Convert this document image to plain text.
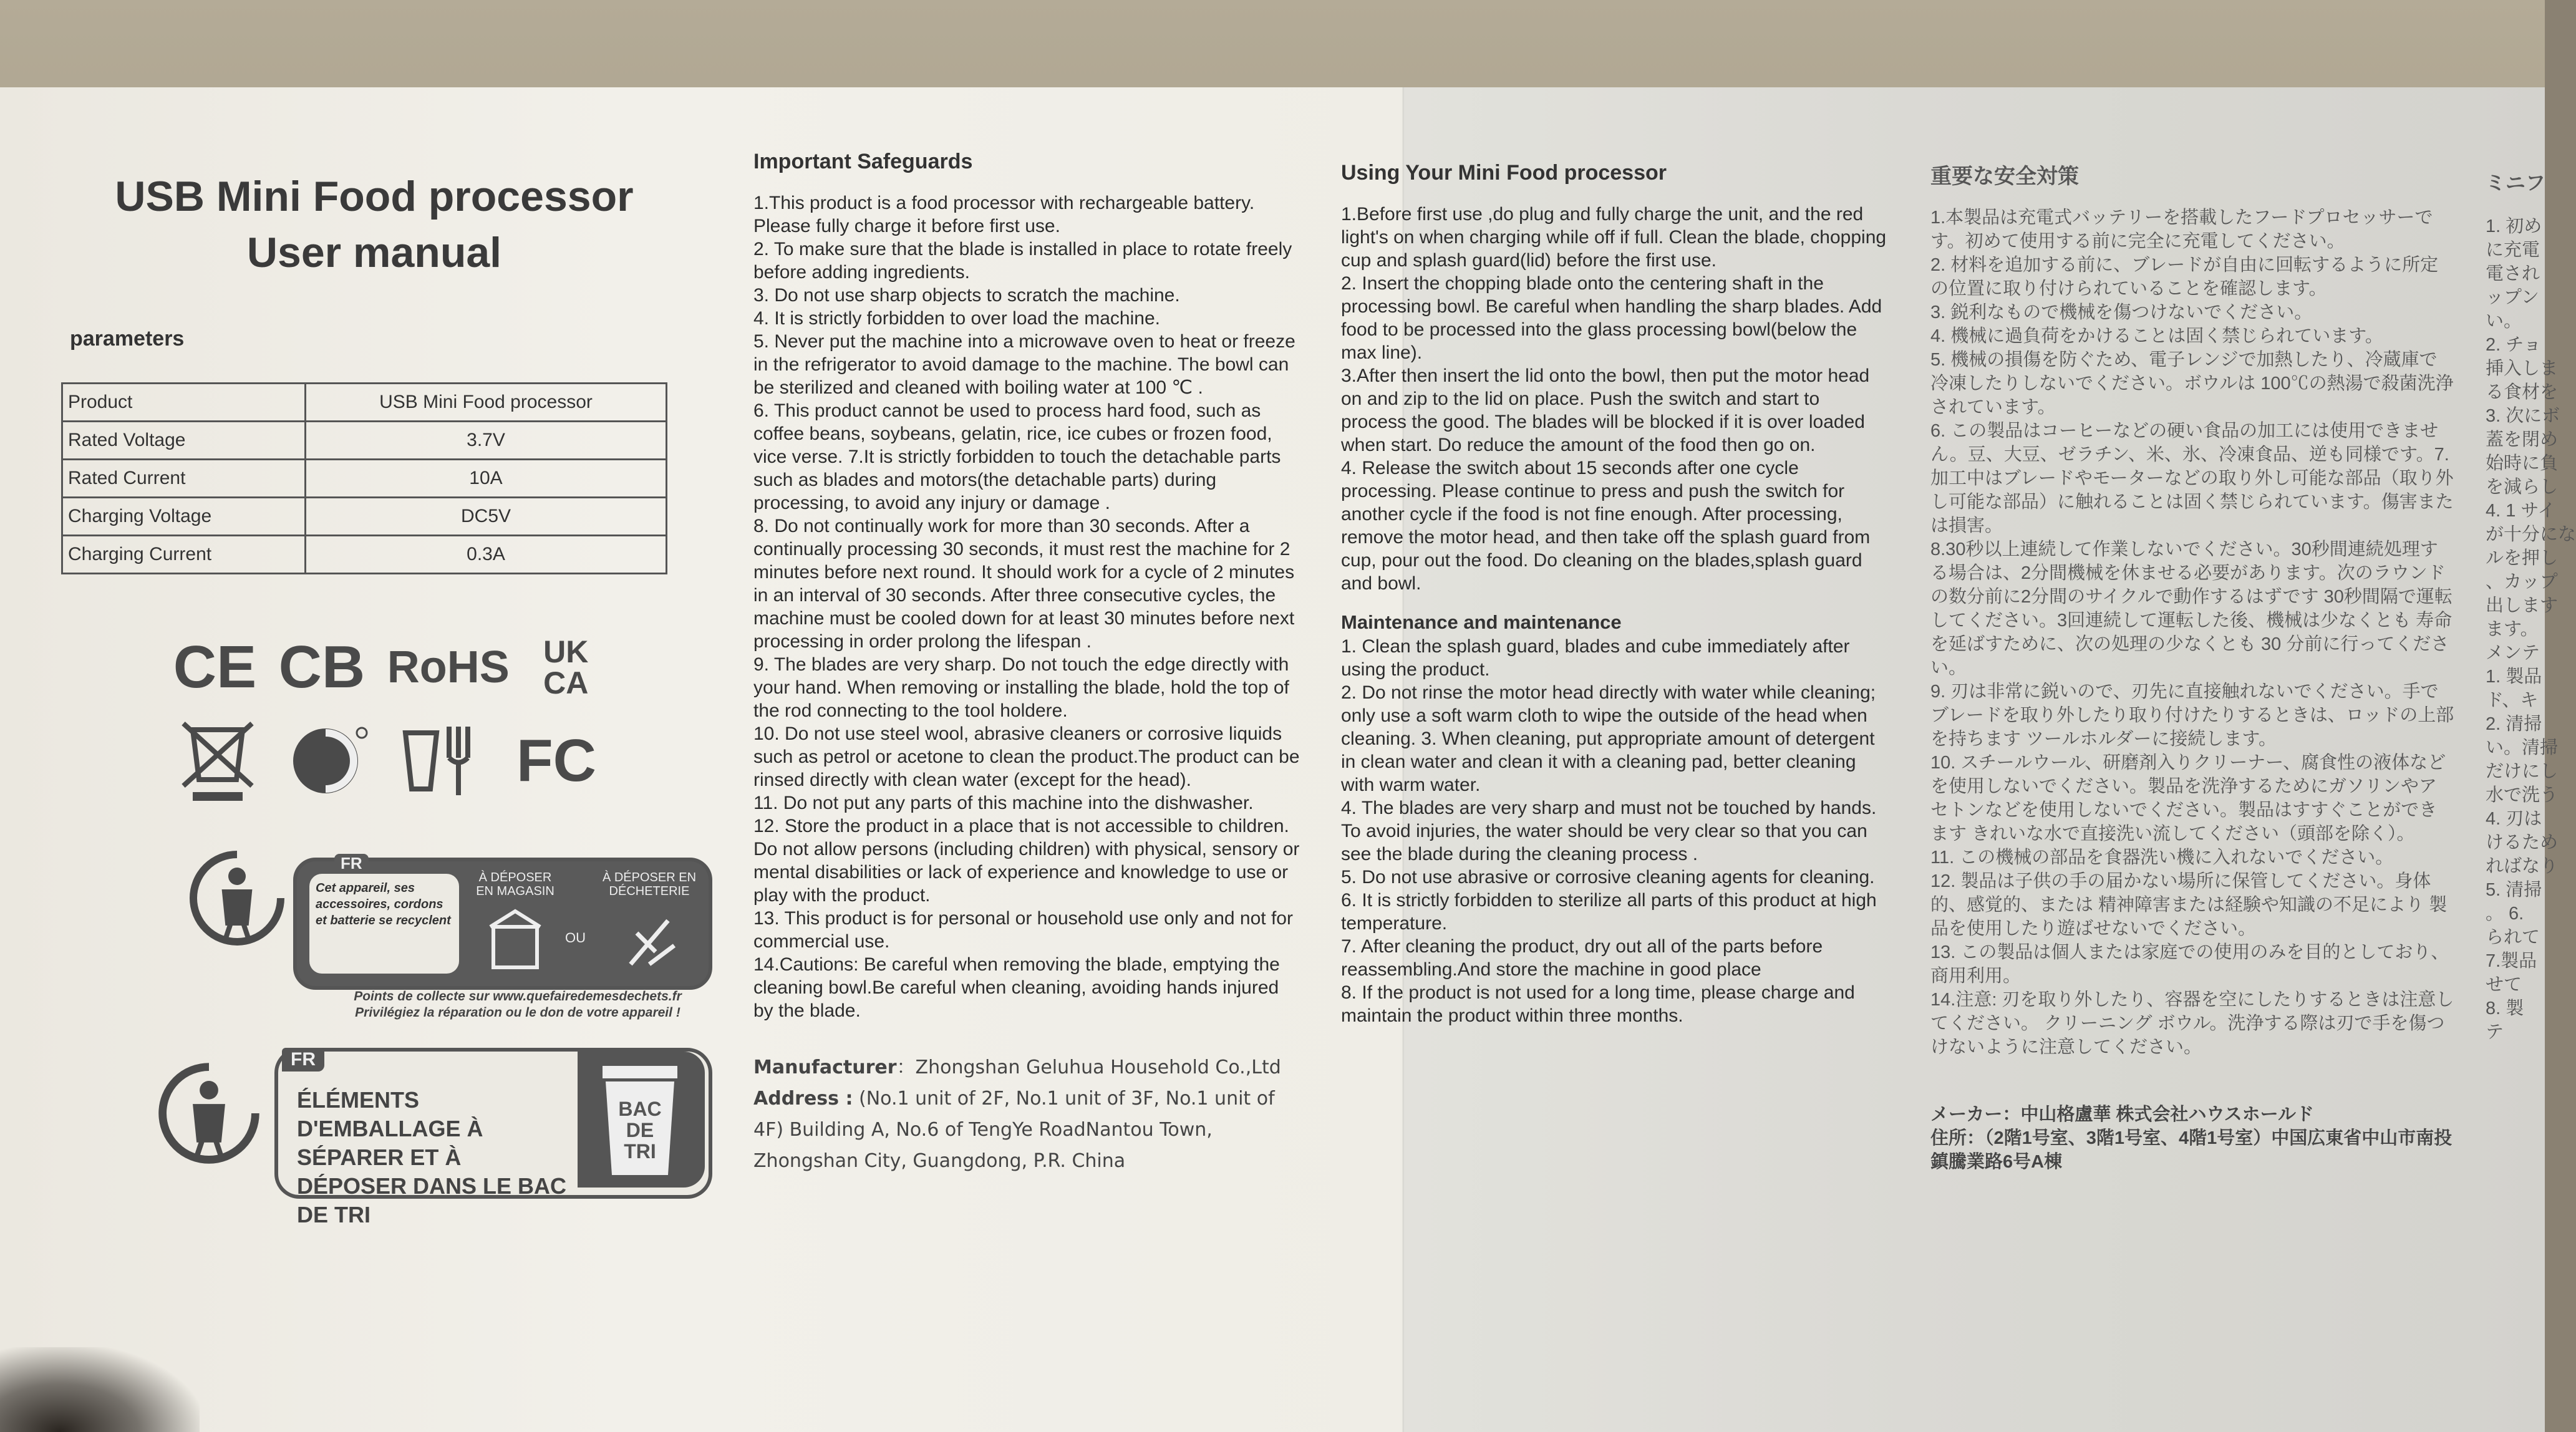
USB Mini Food processor
User manual
parameters
Product	USB Mini Food processor
Rated Voltage	3.7V
Rated Current	10A
Charging Voltage	DC5V
Charging Current	0.3A
CE CB RoHS	UK CA
FC
FR
Cet appareil, ses accessoires, cordons et batterie se recyclent
À DÉPOSER EN MAGASIN
OU
À DÉPOSER EN DÉCHETERIE
Points de collecte sur www.quefairedemesdechets.fr Privilégiez la réparation ou le don de votre appareil !
FR
ÉLÉMENTS D'EMBALLAGE À SÉPARER ET À DÉPOSER DANS LE BAC DE TRI
BAC DE TRI
Important Safeguards

1.This product is a food processor with rechargeable battery. Please fully charge it before first use.

2. To make sure that the blade is installed in place to rotate freely before adding ingredients.

3. Do not use sharp objects to scratch the machine.

4. It is strictly forbidden to over load the machine.

5. Never put the machine into a microwave oven to heat or freeze in the refrigerator to avoid damage to the machine. The bowl can be sterilized and cleaned with boiling water at 100 ℃ .

6. This product cannot be used to process hard food, such as coffee beans, soybeans, gelatin, rice, ice cubes or frozen food, vice verse. 7.It is strictly forbidden to touch the detachable parts such as blades and motors(the detachable parts) during processing, to avoid any injury or damage .

8. Do not continually work for more than 30 seconds. After a continually processing 30 seconds, it must rest the machine for 2 minutes before next round. It should work for a cycle of 2 minutes in an interval of 30 seconds. After three consecutive cycles, the machine must be cooled down for at least 30 minutes before next processing in order prolong the lifespan .

9. The blades are very sharp. Do not touch the edge directly with your hand. When removing or installing the blade, hold the top of the rod connecting to the tool holdere.

10. Do not use steel wool, abrasive cleaners or corrosive liquids such as petrol or acetone to clean the product.The product can be rinsed directly with clean water (except for the head).

11. Do not put any parts of this machine into the dishwasher.

12. Store the product in a place that is not accessible to children. Do not allow persons (including children) with physical, sensory or mental disabilities or lack of experience and knowledge to use or play with the product.

13. This product is for personal or household use only and not for commercial use.

14.Cautions: Be careful when removing the blade, emptying the cleaning bowl.Be careful when cleaning, avoiding hands injured by the blade.

Manufacturer：Zhongshan Geluhua Household Co.,Ltd
Address : (No.1 unit of 2F, No.1 unit of 3F, No.1 unit of 4F) Building A, No.6 of TengYe RoadNantou Town, Zhongshan City, Guangdong, P.R. China
Using Your Mini Food processor

1.Before first use ,do plug and fully charge the unit, and the red light's on when charging while off if full. Clean the blade, chopping cup and splash guard(lid) before the first use.

2. Insert the chopping blade onto the centering shaft in the processing bowl. Be careful when handling the sharp blades. Add food to be processed into the glass processing bowl(below the max line).

3.After then insert the lid onto the bowl, then put the motor head on and zip to the lid on place. Push the switch and start to process the good. The blades will be blocked if it is over loaded when start. Do reduce the amount of the food then go on.

4. Release the switch about 15 seconds after one cycle processing. Please continue to press and push the switch for another cycle if the food is not fine enough. After processing, remove the motor head, and then take off the splash guard from cup, pour out the food. Do cleaning on the blades,splash guard and bowl.

Maintenance and maintenance

1. Clean the splash guard, blades and cube immediately after using the product.

2. Do not rinse the motor head directly with water while cleaning; only use a soft warm cloth to wipe the outside of the head when cleaning. 3. When cleaning, put appropriate amount of detergent in clean water and clean it with a cleaning pad, better cleaning with warm water.

4. The blades are very sharp and must not be touched by hands. To avoid injuries, the water should be very clear so that you can see the blade during the cleaning process .

5. Do not use abrasive or corrosive cleaning agents for cleaning. 6. It is strictly forbidden to sterilize all parts of this product at high temperature.

7. After cleaning the product, dry out all of the parts before reassembling.And store the machine in good place

8. If the product is not used for a long time, please charge and maintain the product within three months.

重要な安全対策

1.本製品は充電式バッテリーを搭載したフードプロセッサーです。初めて使用する前に完全に充電してください。

2. 材料を追加する前に、ブレードが自由に回転するように所定の位置に取り付けられていることを確認します。

3. 鋭利なもので機械を傷つけないでください。

4. 機械に過負荷をかけることは固く禁じられています。

5. 機械の損傷を防ぐため、電子レンジで加熱したり、冷蔵庫で冷凍したりしないでください。ボウルは 100℃の熱湯で殺菌洗浄されています。

6. この製品はコーヒーなどの硬い食品の加工には使用できません。豆、大豆、ゼラチン、米、氷、冷凍食品、逆も同様です。7.加工中はブレードやモーターなどの取り外し可能な部品（取り外し可能な部品）に触れることは固く禁じられています。傷害または損害。

8.30秒以上連続して作業しないでください。30秒間連続処理する場合は、2分間機械を休ませる必要があります。次のラウンドの数分前に2分間のサイクルで動作するはずです 30秒間隔で運転してください。3回連続して運転した後、機械は少なくとも 寿命を延ばすために、次の処理の少なくとも 30 分前に行ってください。

9. 刃は非常に鋭いので、刃先に直接触れないでください。手でブレードを取り外したり取り付けたりするときは、ロッドの上部を持ちます ツールホルダーに接続します。

10. スチールウール、研磨剤入りクリーナー、腐食性の液体などを使用しないでください。製品を洗浄するためにガソリンやアセトンなどを使用しないでください。製品はすすぐことができます きれいな水で直接洗い流してください（頭部を除く）。

11. この機械の部品を食器洗い機に入れないでください。

12. 製品は子供の手の届かない場所に保管してください。身体的、感覚的、または 精神障害または経験や知識の不足により 製品を使用したり遊ばせないでください。

13. この製品は個人または家庭での使用のみを目的としており、 商用利用。

14.注意: 刃を取り外したり、容器を空にしたりするときは注意してください。 クリーニング ボウル。洗浄する際は刃で手を傷つけないように注意してください。

メーカー：中山格盧華 株式会社ハウスホールド
住所：（2階1号室、3階1号室、4階1号室）中国広東省中山市南投鎮騰業路6号A棟
ミニフ

1. 初め

に充電

電され

ップン

い。

2. チョ

挿入しま

る食材を

3. 次にボ

蓋を閉め

始時に負

を減らし

4. 1 サイ

が十分にな

ルを押し

、カップ

出します

ます。

メンテ

1. 製品

ド、キ

2. 清掃

い。清掃

だけにし

水で洗う

4. 刃は

けるため

ればなり

5. 清掃

。 6.

られて

7.製品

せて

8. 製

テ
